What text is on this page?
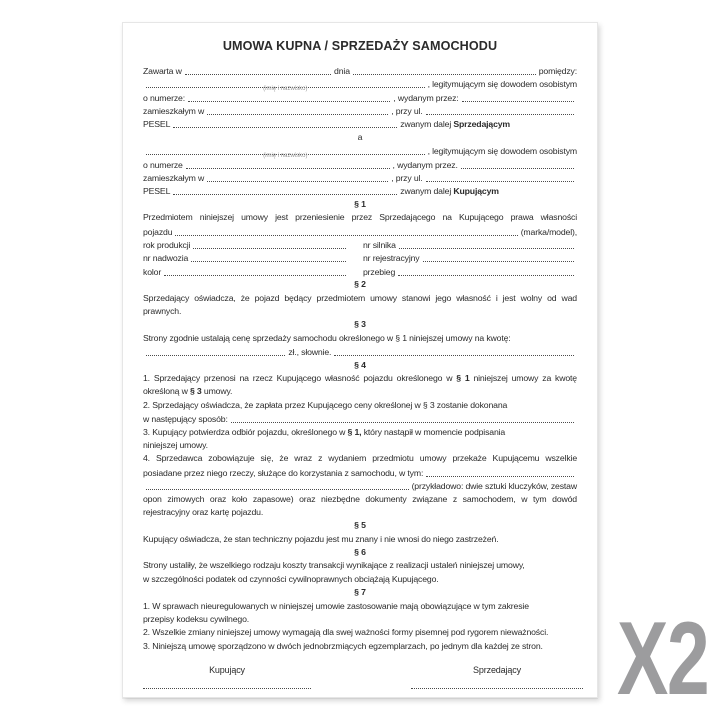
UMOWA KUPNA / SPRZEDAŻY SAMOCHODU
Zawarta w	dnia	pomiędzy:
(imię i nazwisko)	, legitymującym się dowodem osobistym
o numerze:	, wydanym przez:
zamieszkałym w	, przy ul.
PESEL	zwanym dalej
Sprzedającym
a
(imię i nazwisko)	, legitymującym się dowodem osobistym
o numerze	, wydanym przez.
zamieszkałym w	, przy ul.
PESEL	zwanym dalej
Kupującym
§ 1
Przedmiotem niniejszej umowy jest przeniesienie przez Sprzedającego na Kupującego prawa własności
pojazdu	(marka/model),
rok produkcji	nr silnika
nr nadwozia	nr rejestracyjny
kolor	przebieg
§ 2
Sprzedający oświadcza, że pojazd będący przedmiotem umowy stanowi jego własność i jest wolny od wad
prawnych.
§ 3
Strony zgodnie ustalają cenę sprzedaży samochodu określonego w § 1 niniejszej umowy na kwotę:
zł., słownie.
§ 4
1. Sprzedający przenosi na rzecz Kupującego własność pojazdu określonego w § 1 niniejszej umowy za kwotę
określoną w § 3 umowy.
2. Sprzedający oświadcza, że zapłata przez Kupującego ceny określonej w § 3 zostanie dokonana
w następujący sposób:
3. Kupujący potwierdza odbiór pojazdu, określonego w § 1, który nastąpił w momencie podpisania
niniejszej umowy.
4. Sprzedawca zobowiązuje się, że wraz z wydaniem przedmiotu umowy przekaże Kupującemu wszelkie
posiadane przez niego rzeczy, służące do korzystania z samochodu, w tym:
(przykładowo: dwie sztuki kluczyków, zestaw
opon zimowych oraz koło zapasowe) oraz niezbędne dokumenty związane z samochodem, w tym dowód
rejestracyjny oraz kartę pojazdu.
§ 5
Kupujący oświadcza, że stan techniczny pojazdu jest mu znany i nie wnosi do niego zastrzeżeń.
§ 6
Strony ustaliły, że wszelkiego rodzaju koszty transakcji wynikające z realizacji ustaleń niniejszej umowy,
w szczególności podatek od czynności cywilnoprawnych obciążają Kupującego.
§ 7
1. W sprawach nieuregulowanych w niniejszej umowie zastosowanie mają obowiązujące w tym zakresie
przepisy kodeksu cywilnego.
2. Wszelkie zmiany niniejszej umowy wymagają dla swej ważności formy pisemnej pod rygorem nieważności.
3. Niniejszą umowę sporządzono w dwóch jednobrzmiących egzemplarzach, po jednym dla każdej ze stron.
Kupujący	Sprzedający X2
